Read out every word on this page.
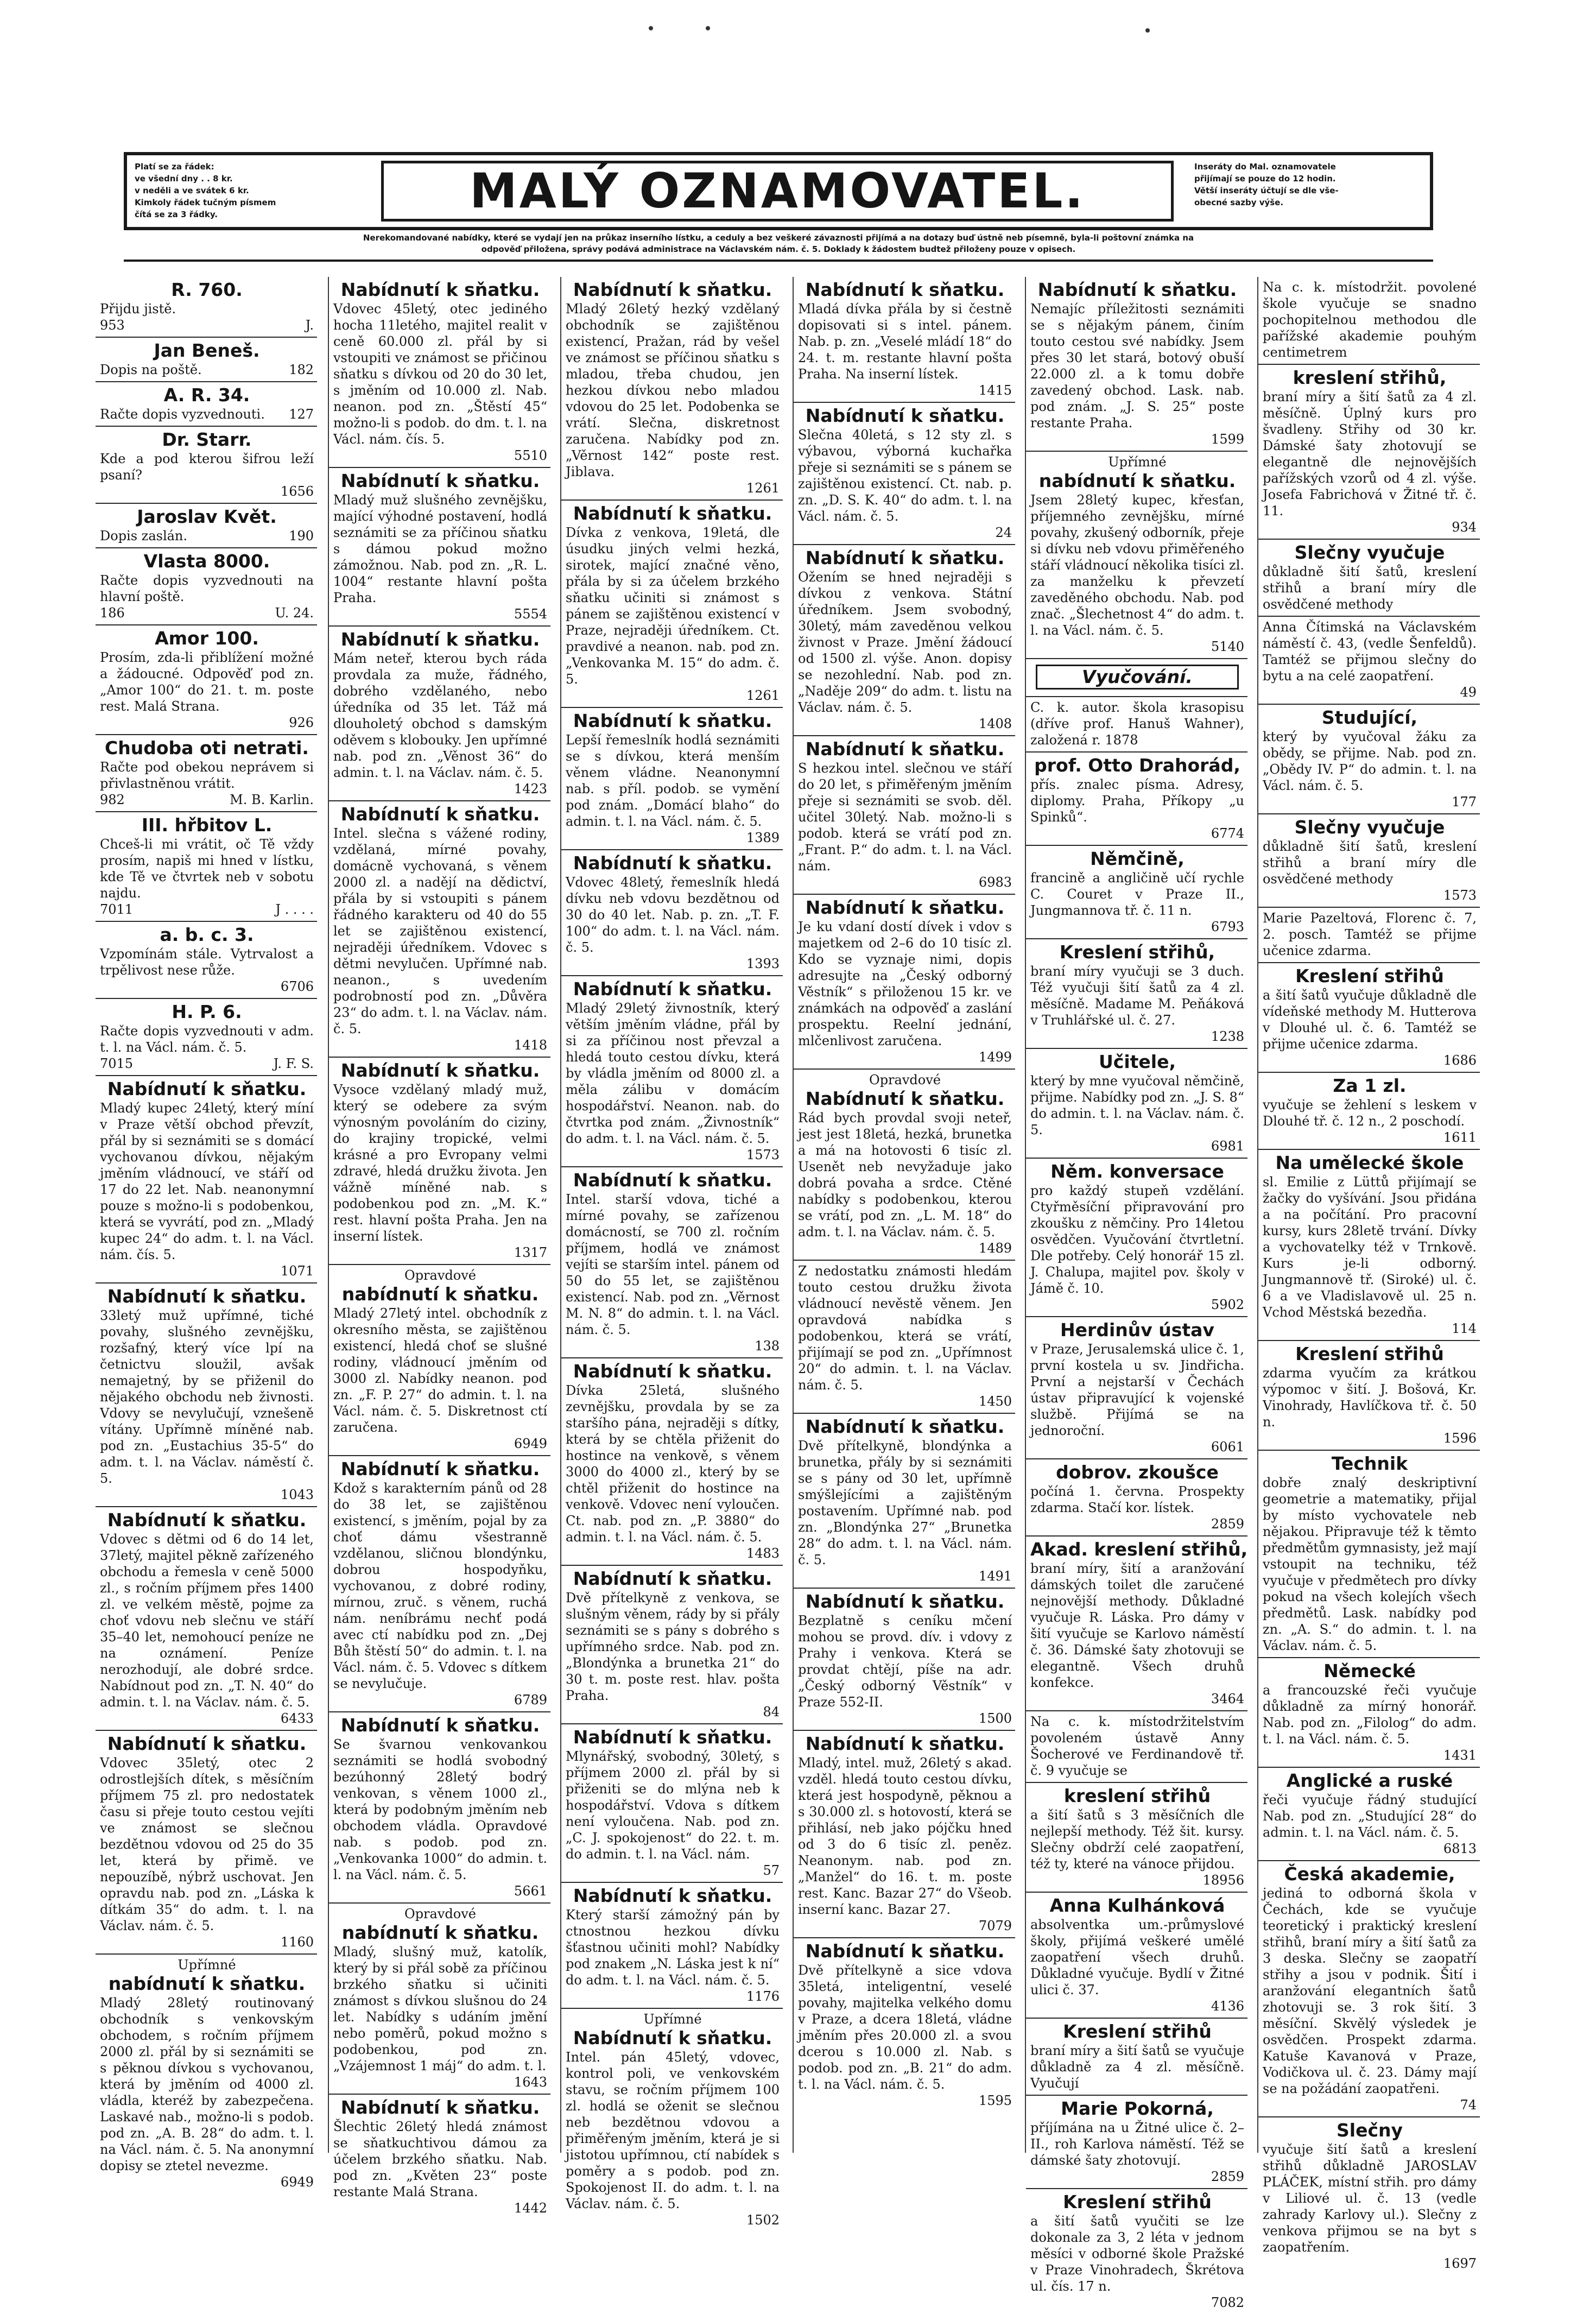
Platí se za řádek:
ve všední dny . . 8 kr.
v neděli a ve svátek 6 kr.
Kimkoly řádek tučným písmem
čítá se za 3 řádky.	MALÝ OZNAMOVATEL.	Inseráty do Mal. oznamovatele
přijímají se pouze do 12 hodin.
Větší inseráty účtují se dle vše-
obecné sazby výše.
Nerekomandované nabídky, které se vydají jen na průkaz inserního lístku, a ceduly a bez veškeré závaznosti přijímá a na dotazy buď ústně neb písemně, byla-li poštovní známka na
odpověď přiložena, správy podává administrace na Václavském nám. č. 5. Doklady k žádostem budtež přiloženy pouze v opisech.
R. 760.
Přijdu jistě.
953	J.
Jan Beneš.
Dopis na poště.	182
A. R. 34.
Račte dopis vyzvednouti.	127
Dr. Starr.
Kde a pod kterou šifrou leží psaní?
1656
Jaroslav Květ.
Dopis zaslán.	190
Vlasta 8000.
Račte dopis vyzvednouti na hlavní poště.
186	U. 24.
Amor 100.
Prosím, zda-li přiblížení možné a žádoucné. Odpověď pod zn. „Amor 100“ do 21. t. m. poste rest. Malá Strana.
926
Chudoba oti netrati.
Račte pod obekou neprávem si přivlastněnou vrátit.
982	M. B. Karlin.
III. hřbitov L.
Chceš-li mi vrátit, oč Tě vždy prosím, napiš mi hned v lístku, kde Tě ve čtvrtek neb v sobotu najdu.
7011	J . . . .
a. b. c. 3.
Vzpomínám stále. Vytrvalost a trpělivost nese růže.
6706
H. P. 6.
Račte dopis vyzvednouti v adm. t. l. na Václ. nám. č. 5.
7015	J. F. S.
Nabídnutí k sňatku.
Mladý kupec 24letý, který míní v Praze větší obchod převzít, přál by si seznámiti se s domácí vychovanou dívkou, nějakým jměním vládnoucí, ve stáří od 17 do 22 let. Nab. neanonymní pouze s možno-li s podobenkou, která se vyvrátí, pod zn. „Mladý kupec 24“ do adm. t. l. na Václ. nám. čís. 5.
1071
Nabídnutí k sňatku.
33letý muž upřímné, tiché povahy, slušného zevnějšku, rozšafný, který více lpí na četnictvu sloužil, avšak nemajetný, by se přiženil do nějakého obchodu neb živnosti. Vdovy se nevylučují, vznešeně vítány. Upřímně míněné nab. pod zn. „Eustachius 35-5“ do adm. t. l. na Václav. náměstí č. 5.
1043
Nabídnutí k sňatku.
Vdovec s dětmi od 6 do 14 let, 37letý, majitel pěkně zařízeného obchodu a řemesla v ceně 5000 zl., s ročním příjmem přes 1400 zl. ve velkém městě, pojme za choť vdovu neb slečnu ve stáří 35–40 let, nemohoucí peníze ne na oznámení. Peníze nerozhodují, ale dobré srdce. Nabídnout pod zn. „T. N. 40“ do admin. t. l. na Václav. nám. č. 5.
6433
Nabídnutí k sňatku.
Vdovec 35letý, otec 2 odrostlejších dítek, s měsíčním příjmem 75 zl. pro nedostatek času si přeje touto cestou vejíti ve známost se slečnou bezdětnou vdovou od 25 do 35 let, která by přimě. ve nepouzíbě, nýbrž uschovat. Jen opravdu nab. pod zn. „Láska k dítkám 35“ do adm. t. l. na Václav. nám. č. 5.
1160
Upřímné
nabídnutí k sňatku.
Mladý 28letý routinovaný obchodník s venkovským obchodem, s ročním příjmem 2000 zl. přál by si seznámiti se s pěknou dívkou s vychovanou, která by jměním od 4000 zl. vládla, kteréž by zabezpečena. Laskavé nab., možno-li s podob. pod zn. „A. B. 28“ do adm. t. l. na Václ. nám. č. 5. Na anonymní dopisy se ztetel nevezme.
6949
Nabídnutí k sňatku.
Vdovec 45letý, otec jediného hocha 11letého, majitel realit v ceně 60.000 zl. přál by si vstoupiti ve známost se přičinou sňatku s dívkou od 20 do 30 let, s jměním od 10.000 zl. Nab. neanon. pod zn. „Štěstí 45“ možno-li s podob. do dm. t. l. na Václ. nám. čís. 5.
5510
Nabídnutí k sňatku.
Mladý muž slušného zevnějšku, mající výhodné postavení, hodlá seznámiti se za příčinou sňatku s dámou pokud možno zámožnou. Nab. pod zn. „R. L. 1004“ restante hlavní pošta Praha.
5554
Nabídnutí k sňatku.
Mám neteř, kterou bych ráda provdala za muže, řádného, dobrého vzdělaného, nebo úředníka od 35 let. Táž má dlouholetý obchod s damským oděvem s klobouky. Jen upřímné nab. pod zn. „Věnost 36“ do admin. t. l. na Václav. nám. č. 5.
1423
Nabídnutí k sňatku.
Intel. slečna s vážené rodiny, vzdělaná, mírné povahy, domácně vychovaná, s věnem 2000 zl. a nadějí na dědictví, přála by si vstoupiti s pánem řádného karakteru od 40 do 55 let se zajištěnou existencí, nejraději úředníkem. Vdovec s dětmi nevylučen. Upřímné nab. neanon., s uvedením podrobností pod zn. „Důvěra 23“ do adm. t. l. na Václav. nám. č. 5.
1418
Nabídnutí k sňatku.
Vysoce vzdělaný mladý muž, který se odebere za svým výnosným povoláním do ciziny, do krajiny tropické, velmi krásné a pro Evropany velmi zdravé, hledá družku života. Jen vážně míněné nab. s podobenkou pod zn. „M. K.“ rest. hlavní pošta Praha. Jen na inserní lístek.
1317
Opravdové
nabídnutí k sňatku.
Mladý 27letý intel. obchodník z okresního města, se zajištěnou existencí, hledá choť se slušné rodiny, vládnoucí jměním od 3000 zl. Nabídky neanon. pod zn. „F. P. 27“ do admin. t. l. na Václ. nám. č. 5. Diskretnost ctí zaručena.
6949
Nabídnutí k sňatku.
Kdož s karakterním pánů od 28 do 38 let, se zajištěnou existencí, s jměním, pojal by za choť dámu všestranně vzdělanou, sličnou blondýnku, dobrou hospodyňku, vychovanou, z dobré rodiny, mírnou, zruč. s věnem, ruchá nám. neníbrámu nechť podá avec ctí nabídku pod zn. „Dej Bůh štěstí 50“ do admin. t. l. na Václ. nám. č. 5. Vdovec s dítkem se nevylučuje.
6789
Nabídnutí k sňatku.
Se švarnou venkovankou seznámiti se hodlá svobodný bezúhonný 28letý bodrý venkovan, s věnem 1000 zl., která by podobným jměním neb obchodem vládla. Opravdové nab. s podob. pod zn. „Venkovanka 1000“ do admin. t. l. na Václ. nám. č. 5.
5661
Opravdové
nabídnutí k sňatku.
Mladý, slušný muž, katolík, který by si přál sobě za příčinou brzkého sňatku si učiniti známost s dívkou slušnou do 24 let. Nabídky s udáním jmění nebo poměrů, pokud možno s podobenkou, pod zn. „Vzájemnost 1 máj“ do adm. t. l.
1643
Nabídnutí k sňatku.
Šlechtic 26letý hledá známost se sňatkuchtivou dámou za účelem brzkého sňatku. Nab. pod zn. „Květen 23“ poste restante Malá Strana.
1442
Nabídnutí k sňatku.
Mladý 26letý hezký vzdělaný obchodník se zajištěnou existencí, Pražan, rád by vešel ve známost se příčinou sňatku s mladou, třeba chudou, jen hezkou dívkou nebo mladou vdovou do 25 let. Podobenka se vrátí. Slečna, diskretnost zaručena. Nabídky pod zn. „Věrnost 142“ poste rest. Jiblava.
1261
Nabídnutí k sňatku.
Dívka z venkova, 19letá, dle úsudku jiných velmi hezká, sirotek, mající značné věno, přála by si za účelem brzkého sňatku učiniti si známost s pánem se zajištěnou existencí v Praze, nejraději úředníkem. Ct. pravdivé a neanon. nab. pod zn. „Venkovanka M. 15“ do adm. č. 5.
1261
Nabídnutí k sňatku.
Lepší řemeslník hodlá seznámiti se s dívkou, která menším věnem vládne. Neanonymní nab. s příl. podob. se vymění pod znám. „Domácí blaho“ do admin. t. l. na Václ. nám. č. 5.
1389
Nabídnutí k sňatku.
Vdovec 48letý, řemeslník hledá dívku neb vdovu bezdětnou od 30 do 40 let. Nab. p. zn. „T. F. 100“ do adm. t. l. na Václ. nám. č. 5.
1393
Nabídnutí k sňatku.
Mladý 29letý živnostník, který větším jměním vládne, přál by si za příčinou nost převzal a hledá touto cestou dívku, která by vládla jměním od 8000 zl. a měla zálibu v domácím hospodářství. Neanon. nab. do čtvrtka pod znám. „Živnostník“ do adm. t. l. na Václ. nám. č. 5.
1573
Nabídnutí k sňatku.
Intel. starší vdova, tiché a mírné povahy, se zařízenou domácností, se 700 zl. ročním příjmem, hodlá ve známost vejíti se starším intel. pánem od 50 do 55 let, se zajištěnou existencí. Nab. pod zn. „Věrnost M. N. 8“ do admin. t. l. na Václ. nám. č. 5.
138
Nabídnutí k sňatku.
Dívka 25letá, slušného zevnějšku, provdala by se za staršího pána, nejraději s dítky, která by se chtěla přiženit do hostince na venkově, s věnem 3000 do 4000 zl., který by se chtěl přiženit do hostince na venkově. Vdovec není vyloučen. Ct. nab. pod zn. „P. 3880“ do admin. t. l. na Václ. nám. č. 5.
1483
Nabídnutí k sňatku.
Dvě přítelkyně z venkova, se slušným věnem, rády by si přály seznámiti se s pány s dobrého s upřímného srdce. Nab. pod zn. „Blondýnka a brunetka 21“ do 30 t. m. poste rest. hlav. pošta Praha.
84
Nabídnutí k sňatku.
Mlynářský, svobodný, 30letý, s příjmem 2000 zl. přál by si přiženiti se do mlýna neb k hospodářství. Vdova s dítkem není vyloučena. Nab. pod zn. „C. J. spokojenost“ do 22. t. m. do admin. t. l. na Václ. nám.
57
Nabídnutí k sňatku.
Který starší zámožný pán by ctnostnou hezkou dívku šťastnou učiniti mohl? Nabídky pod znakem „N. Láska jest k ní“ do adm. t. l. na Václ. nám. č. 5.
1176
Upřímné
Nabídnutí k sňatku.
Intel. pán 45letý, vdovec, kontrol poli, ve venkovském stavu, se ročním příjmem 100 zl. hodlá se oženit se slečnou neb bezdětnou vdovou a přiměřeným jměním, která je si jistotou upřímnou, ctí nabídek s poměry a s podob. pod zn. Spokojenost II. do adm. t. l. na Václav. nám. č. 5.
1502
Nabídnutí k sňatku.
Mladá dívka přála by si čestně dopisovati si s intel. pánem. Nab. p. zn. „Veselé mládí 18“ do 24. t. m. restante hlavní pošta Praha. Na inserní lístek.
1415
Nabídnutí k sňatku.
Slečna 40letá, s 12 sty zl. s výbavou, výborná kuchařka přeje si seznámiti se s pánem se zajištěnou existencí. Ct. nab. p. zn. „D. S. K. 40“ do adm. t. l. na Václ. nám. č. 5.
24
Nabídnutí k sňatku.
Ožením se hned nejraději s dívkou z venkova. Státní úředníkem. Jsem svobodný, 30letý, mám zaveděnou velkou živnost v Praze. Jmění žádoucí od 1500 zl. výše. Anon. dopisy se nezohlední. Nab. pod zn. „Naděje 209“ do adm. t. listu na Václav. nám. č. 5.
1408
Nabídnutí k sňatku.
S hezkou intel. slečnou ve stáří do 20 let, s přiměřeným jměním přeje si seznámiti se svob. děl. učitel 30letý. Nab. možno-li s podob. která se vrátí pod zn. „Frant. P.“ do adm. t. l. na Václ. nám.
6983
Nabídnutí k sňatku.
Je ku vdaní dostí dívek i vdov s majetkem od 2–6 do 10 tisíc zl. Kdo se vyznaje nimi, dopis adresujte na „Český odborný Věstník“ s přiloženou 15 kr. ve známkách na odpověď a zaslání prospektu. Reelní jednání, mlčenlivost zaručena.
1499
Opravdové
Nabídnutí k sňatku.
Rád bych provdal svoji neteř, jest jest 18letá, hezká, brunetka a má na hotovosti 6 tisíc zl. Usenět neb nevyžaduje jako dobrá povaha a srdce. Ctěné nabídky s podobenkou, kterou se vrátí, pod zn. „L. M. 18“ do adm. t. l. na Václav. nám. č. 5.
1489
Z nedostatku známosti hledám touto cestou družku života vládnoucí nevěstě věnem. Jen opravdová nabídka s podobenkou, která se vrátí, přijímají se pod zn. „Upřímnost 20“ do admin. t. l. na Václav. nám. č. 5.
1450
Nabídnutí k sňatku.
Dvě přítelkyně, blondýnka a brunetka, přály by si seznámiti se s pány od 30 let, upřímně smýšlejícími a zajištěným postavením. Upřímné nab. pod zn. „Blondýnka 27“ „Brunetka 28“ do adm. t. l. na Václ. nám. č. 5.
1491
Nabídnutí k sňatku.
Bezplatně s ceníku mčení mohou se provd. dív. i vdovy z Prahy i venkova. Která se provdat chtějí, píše na adr. „Český odborný Věstník“ v Praze 552-II.
1500
Nabídnutí k sňatku.
Mladý, intel. muž, 26letý s akad. vzděl. hledá touto cestou dívku, která jest hospodyně, pěknou a s 30.000 zl. s hotovostí, která se přihlásí, neb jako pójčku hned od 3 do 6 tisíc zl. peněz. Neanonym. nab. pod zn. „Manžel“ do 16. t. m. poste rest. Kanc. Bazar 27“ do Všeob. inserní kanc. Bazar 27.
7079
Nabídnutí k sňatku.
Dvě přítelkyně a sice vdova 35letá, inteligentní, veselé povahy, majitelka velkého domu v Praze, a dcera 18letá, vládne jměním přes 20.000 zl. a svou dcerou s 10.000 zl. Nab. s podob. pod zn. „B. 21“ do adm. t. l. na Václ. nám. č. 5.
1595
Nabídnutí k sňatku.
Nemajíc příležitosti seznámiti se s nějakým pánem, činím touto cestou své nabídky. Jsem přes 30 let stará, botový obuší 22.000 zl. a k tomu dobře zavedený obchod. Lask. nab. pod znám. „J. S. 25“ poste restante Praha.
1599
Upřímné
nabídnutí k sňatku.
Jsem 28letý kupec, křesťan, příjemného zevnějšku, mírné povahy, zkušený odborník, přeje si dívku neb vdovu přiměřeného stáří vládnoucí několika tisíci zl. za manželku k převzetí zaveděného obchodu. Nab. pod znač. „Šlechetnost 4“ do adm. t. l. na Václ. nám. č. 5.
5140
Vyučování.
C. k. autor. škola krasopisu (dříve prof. Hanuš Wahner), založená r. 1878
prof. Otto Drahorád,
přís. znalec písma. Adresy, diplomy. Praha, Příkopy „u Spinků“.
6774
Němčině,
francině a angličině učí rychle C. Couret v Praze II., Jungmannova tř. č. 11 n.
6793
Kreslení střihů,
braní míry vyučuji se 3 duch. Též vyučuji šití šatů za 4 zl. měsíčně. Madame M. Peňáková v Truhlářské ul. č. 27.
1238
Učitele,
který by mne vyučoval němčině, přijme. Nabídky pod zn. „J. S. 8“ do admin. t. l. na Václav. nám. č. 5.
6981
Něm. konversace
pro každý stupeň vzdělání. Ctyřměsíční připravování pro zkoušku z němčiny. Pro 14letou osvědčen. Vyučování čtvrtletní. Dle potřeby. Celý honorář 15 zl. J. Chalupa, majitel pov. školy v Jámě č. 10.
5902
Herdinův ústav
v Praze, Jerusalemská ulice č. 1, první kostela u sv. Jindřicha. První a nejstarší v Čechách ústav připravující k vojenské službě. Přijímá se na jednoroční.
6061
dobrov. zkoušce
počíná 1. června. Prospekty zdarma. Stačí kor. lístek.
2859
Akad. kreslení střihů,
braní míry, šití a aranžování dámských toilet dle zaručené nejnovější methody. Důkladné vyučuje R. Láska. Pro dámy v šití vyučuje se Karlovo náměstí č. 36. Dámské šaty zhotovuji se elegantně. Všech druhů konfekce.
3464
Na c. k. místodržitelstvím povoleném ústavě Anny Šocherové ve Ferdinandově tř. č. 9 vyučuje se
kreslení střihů
a šití šatů s 3 měsíčních dle nejlepší methody. Též šit. kursy. Slečny obdrží celé zaopatření, též ty, které na vánoce přijdou.
18956
Anna Kulhánková
absolventka um.-průmyslové školy, přijímá veškeré umělé zaopatření všech druhů. Důkladné vyučuje. Bydlí v Žitné ulici č. 37.
4136
Kreslení střihů
braní míry a šití šatů se vyučuje důkladně za 4 zl. měsíčně. Vyučují
Marie Pokorná,
příjímána na u Žitné ulice č. 2–II., roh Karlova náměstí. Též se dámské šaty zhotovují.
2859
Kreslení střihů
a šití šatů vyučiti se lze dokonale za 3, 2 léta v jednom měsíci v odborné škole Pražské v Praze Vinohradech, Škrétova ul. čís. 17 n.
7082
Na c. k. místodržit. povolené škole vyučuje se snadno pochopitelnou methodou dle pařížské akademie pouhým centimetrem
kreslení střihů,
braní míry a šití šatů za 4 zl. měsíčně. Úplný kurs pro švadleny. Střihy od 30 kr. Dámské šaty zhotovují se elegantně dle nejnovějších pařížských vzorů od 4 zl. výše. Josefa Fabrichová v Žitné tř. č. 11.
934
Slečny vyučuje
důkladně šití šatů, kreslení střihů a braní míry dle osvědčené methody
Anna Čítimská na Václavském náměstí č. 43, (vedle Šenfeldů). Tamtéž se přijmou slečny do bytu a na celé zaopatření.
49
Studující,
který by vyučoval žáku za obědy, se přijme. Nab. pod zn. „Obědy IV. P“ do admin. t. l. na Václ. nám. č. 5.
177
Slečny vyučuje
důkladně šití šatů, kreslení střihů a braní míry dle osvědčené methody
1573
Marie Pazeltová, Florenc č. 7, 2. posch. Tamtéž se přijme učenice zdarma.
Kreslení střihů
a šití šatů vyučuje důkladně dle vídeňské methody M. Hutterova v Dlouhé ul. č. 6. Tamtéž se přijme učenice zdarma.
1686
Za 1 zl.
vyučuje se žehlení s leskem v Dlouhé tř. č. 12 n., 2 poschodí.
1611
Na umělecké škole
sl. Emilie z Lüttů přijímají se žačky do vyšívání. Jsou přidána a na počítání. Pro pracovní kursy, kurs 28letě trvání. Dívky a vychovatelky též v Trnkově. Kurs je-li odborný. Jungmannově tř. (Siroké) ul. č. 6 a ve Vladislavově ul. 25 n. Vchod Městská bezedňa.
114
Kreslení střihů
zdarma vyučím za krátkou výpomoc v šití. J. Bošová, Kr. Vinohrady, Havlíčkova tř. č. 50 n.
1596
Technik
dobře znalý deskriptivní geometrie a matematiky, přijal by místo vychovatele neb nějakou. Připravuje též k těmto předmětům gymnasisty, jež mají vstoupit na techniku, též vyučuje v předmětech pro dívky pokud na všech kolejích všech předmětů. Lask. nabídky pod zn. „A. S.“ do admin. t. l. na Václav. nám. č. 5.
Německé
a francouzské řeči vyučuje důkladně za mírný honorář. Nab. pod zn. „Filolog“ do adm. t. l. na Václ. nám. č. 5.
1431
Anglické a ruské
řeči vyučuje řádný studující Nab. pod zn. „Studující 28“ do admin. t. l. na Václ. nám. č. 5.
6813
Česká akademie,
jediná to odborná škola v Čechách, kde se vyučuje teoretický i praktický kreslení střihů, braní míry a šití šatů za 3 deska. Slečny se zaopatří střihy a jsou v podnik. Šití i aranžování elegantních šatů zhotovuji se. 3 rok šití. 3 měsíční. Skvělý výsledek je osvědčen. Prospekt zdarma. Katuše Kavanová v Praze, Vodičkova ul. č. 23. Dámy mají se na požádání zaopatřeni.
74
Slečny
vyučuje šití šatů a kreslení střihů důkladně JAROSLAV PLÁČEK, místní střih. pro dámy v Liliové ul. č. 13 (vedle zahrady Karlovy ul.). Slečny z venkova přijmou se na byt s zaopatřením.
1697
